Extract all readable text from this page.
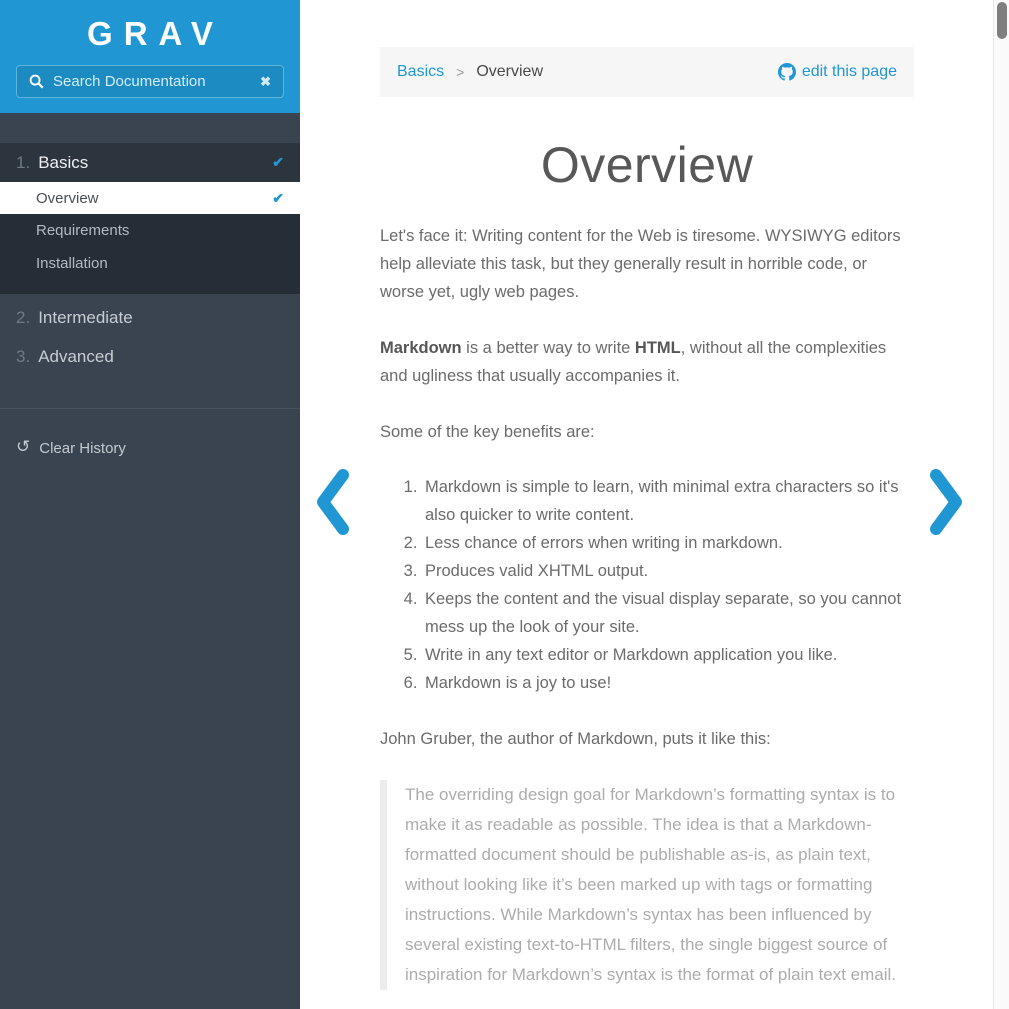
GRAV
Search Documentation
✖
1. Basics	✔
Overview	✔
Requirements
Installation
2. Intermediate
3. Advanced
↺ Clear History
Basics > Overview	edit this page
Overview

Let's face it: Writing content for the Web is tiresome. WYSIWYG editors help alleviate this task, but they generally result in horrible code, or worse yet, ugly web pages.

Markdown is a better way to write HTML, without all the complexities and ugliness that usually accompanies it.

Some of the key benefits are:

1. Markdown is simple to learn, with minimal extra characters so it's also quicker to write content.
2. Less chance of errors when writing in markdown.
3. Produces valid XHTML output.
4. Keeps the content and the visual display separate, so you cannot mess up the look of your site.
5. Write in any text editor or Markdown application you like.
6. Markdown is a joy to use!

John Gruber, the author of Markdown, puts it like this:

The overriding design goal for Markdown’s formatting syntax is to make it as readable as possible. The idea is that a Markdown-formatted document should be publishable as-is, as plain text, without looking like it’s been marked up with tags or formatting instructions. While Markdown’s syntax has been influenced by several existing text-to-HTML filters, the single biggest source of inspiration for Markdown’s syntax is the format of plain text email.
